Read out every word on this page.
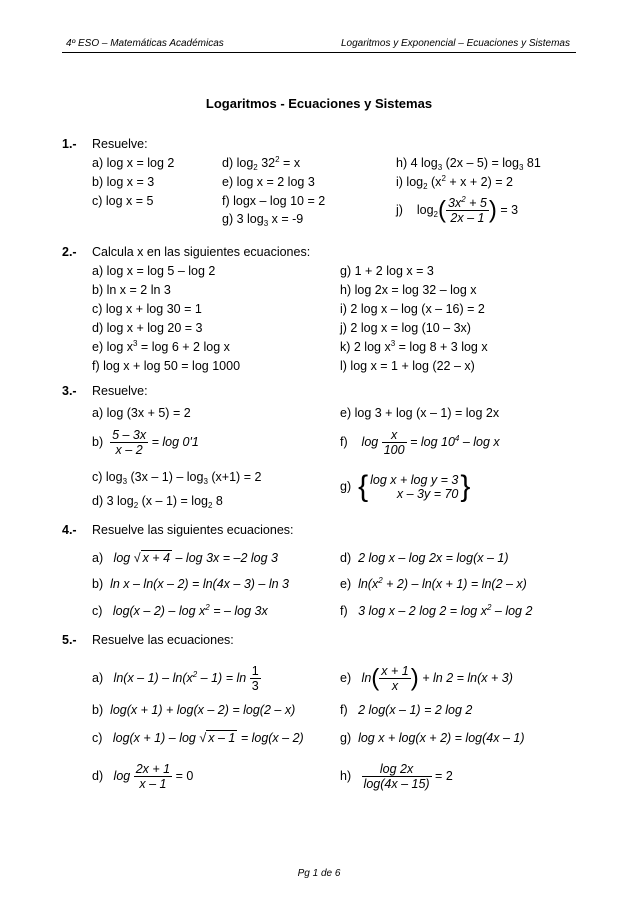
4º ESO – Matemáticas Académicas	Logaritmos y Exponencial – Ecuaciones y Sistemas
Logaritmos - Ecuaciones y Sistemas
1.- Resuelve:
a) log x = log 2
b) log x = 3
c) log x = 5
d) $\log_2 32^2 = x$
e) log x = 2 log 3
f) logx – log 10 = 2
g) 3 $\log_3 x = -9$
h) 4 $\log_3 (2x - 5) = \log_3 81$
i) $\log_2 (x^2 + x + 2) = 2$
j) $\log_2( \frac{3x^2 + 5}{2x - 1}$ ) = 3
2.- Calcula x en las siguientes ecuaciones:
a) log x = log 5 – log 2
b) ln x = 2 ln 3
c) log x + log 30 = 1
d) log x + log 20 = 3
e) $\log x^3 = \log 6 + 2$ log x
f) log x + log 50 = log 1000
g) 1 + 2 log x = 3
h) log 2x = log 32 – log x
i) 2 log x – log (x – 16) = 2
j) 2 log x = log (10 – 3x)
k) 2 $\log x^3 = \log 8 + 3$ log x
l) log x = 1 + log (22 – x)
3.- Resuelve:
a) log (3x + 5) = 2
$b) \frac{5 - 3x}{x - 2} = \log 0'1$
c) $\log_3 (3x - 1) - \log_3 (x+1) = 2$
d) 3 $\log_2 (x - 1) = \log_2 8$
e) log 3 + log (x – 1) = log 2x
f) $\log \frac{x}{100} = \log 10^4 - \log x$
g) { log x + log y = 3
x – 3y = 70 }
4.- Resuelve las siguientes ecuaciones:
a) log √ x + 4 – log 3x = –2 log 3
b) ln x – ln(x – 2) = ln(4x – 3) – ln 3
c) $\log(x - 2) - \log x^2$ = – log 3x
d) 2 log x – log 2x = log(x – 1)
e) $\ln(x^2 + 2) - \ln(x + 1) = \ln(2 - x)$
f) 3 log x – 2 $\log 2 = \log x^2 - \log 2$
5.- Resuelve las ecuaciones:
a) $\ln(x - 1) - \ln(x^2 - 1) = \ln \frac{1}{3}$
b) log(x + 1) + log(x – 2) = log(2 – x)
c) log(x + 1) – log √ x – 1 = log(x – 2)
d) $\log \frac{2x + 1}{x - 1} = 0$
e) $\ln( \frac{x + 1}{x}$ ) + ln 2 = ln(x + 3)
f) 2 log(x – 1) = 2 log 2
g) log x + log(x + 2) = log(4x – 1)
$h) \frac{\log 2x}{\log(4x - 15)} = 2$
Pg 1 de 6
